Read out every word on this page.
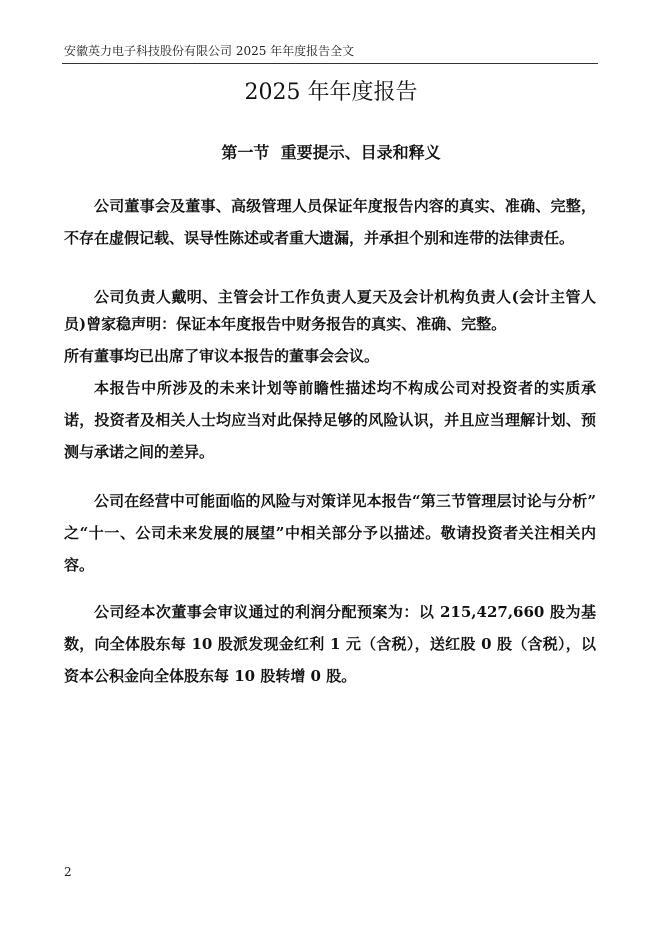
安徽英力电子科技股份有限公司 2025 年年度报告全文
2025 年年度报告
第一节  重要提示、目录和释义

公司董事会及董事、高级管理人员保证年度报告内容的真实、准确、完整，不存在虚假记载、误导性陈述或者重大遗漏，并承担个别和连带的法律责任。

公司负责人戴明、主管会计工作负责人夏天及会计机构负责人(会计主管人员)曾家稳声明：保证本年度报告中财务报告的真实、准确、完整。

所有董事均已出席了审议本报告的董事会会议。

本报告中所涉及的未来计划等前瞻性描述均不构成公司对投资者的实质承诺，投资者及相关人士均应当对此保持足够的风险认识，并且应当理解计划、预测与承诺之间的差异。

公司在经营中可能面临的风险与对策详见本报告“第三节管理层讨论与分析” 之“十一、公司未来发展的展望”中相关部分予以描述。敬请投资者关注相关内容。

公司经本次董事会审议通过的利润分配预案为：以 215,427,660 股为基数，向全体股东每 10 股派发现金红利 1 元（含税），送红股 0 股（含税），以资本公积金向全体股东每 10 股转增 0 股。

2
